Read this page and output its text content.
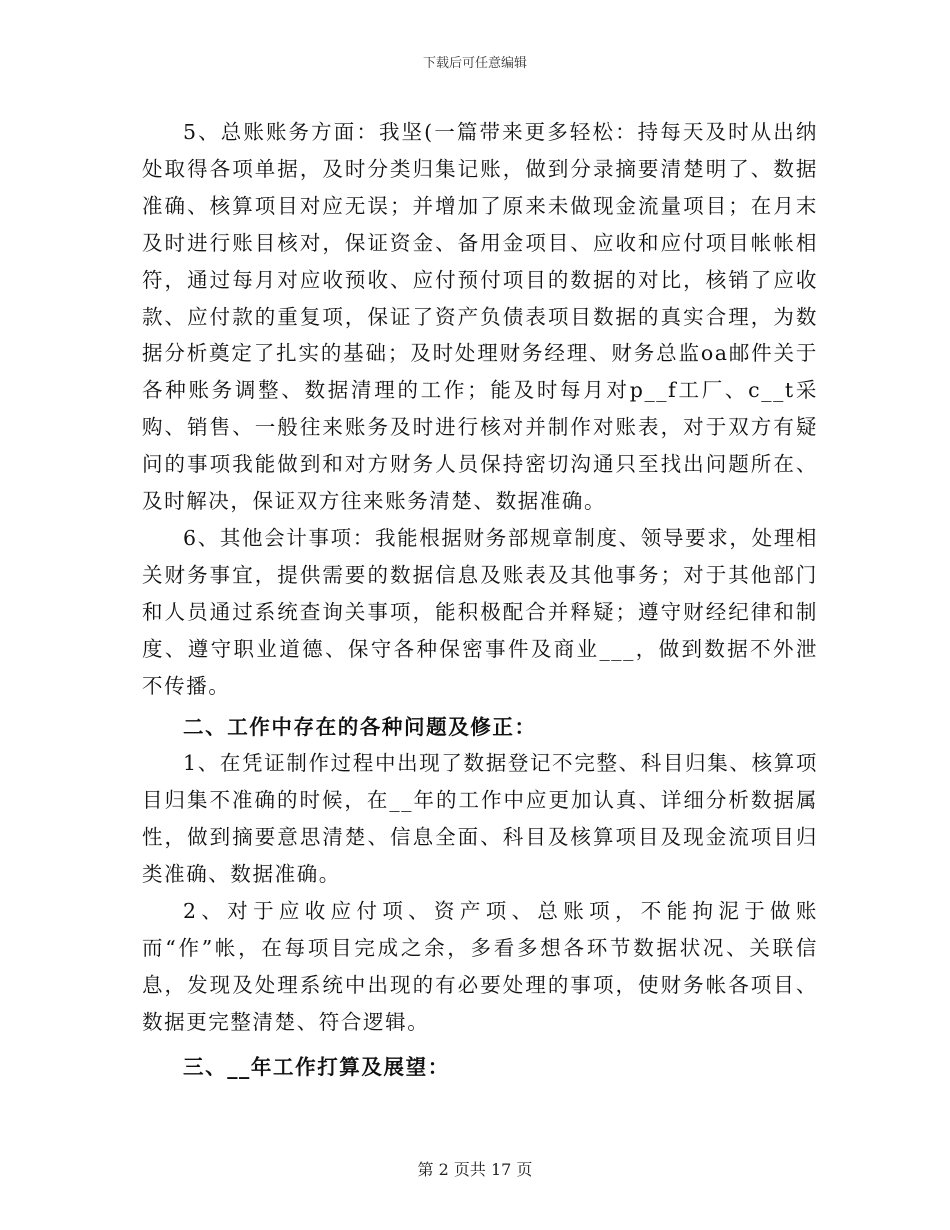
下载后可任意编辑

5、总账账务方面：我坚(一篇带来更多轻松：持每天及时从出纳处取得各项单据，及时分类归集记账，做到分录摘要清楚明了、数据准确、核算项目对应无误；并增加了原来未做现金流量项目；在月末及时进行账目核对，保证资金、备用金项目、应收和应付项目帐帐相符，通过每月对应收预收、应付预付项目的数据的对比，核销了应收款、应付款的重复项，保证了资产负债表项目数据的真实合理，为数据分析奠定了扎实的基础；及时处理财务经理、财务总监oa邮件关于各种账务调整、数据清理的工作；能及时每月对p__f工厂、c__t采购、销售、一般往来账务及时进行核对并制作对账表，对于双方有疑问的事项我能做到和对方财务人员保持密切沟通只至找出问题所在、及时解决，保证双方往来账务清楚、数据准确。

6、其他会计事项：我能根据财务部规章制度、领导要求，处理相关财务事宜，提供需要的数据信息及账表及其他事务；对于其他部门和人员通过系统查询关事项，能积极配合并释疑；遵守财经纪律和制度、遵守职业道德、保守各种保密事件及商业___，做到数据不外泄不传播。

二、工作中存在的各种问题及修正：

1、在凭证制作过程中出现了数据登记不完整、科目归集、核算项目归集不准确的时候，在__年的工作中应更加认真、详细分析数据属性，做到摘要意思清楚、信息全面、科目及核算项目及现金流项目归类准确、数据准确。

2、对于应收应付项、资产项、总账项，不能拘泥于做账而“作”帐，在每项目完成之余，多看多想各环节数据状况、关联信息，发现及处理系统中出现的有必要处理的事项，使财务帐各项目、数据更完整清楚、符合逻辑。

三、__年工作打算及展望：

第 2 页共 17 页
